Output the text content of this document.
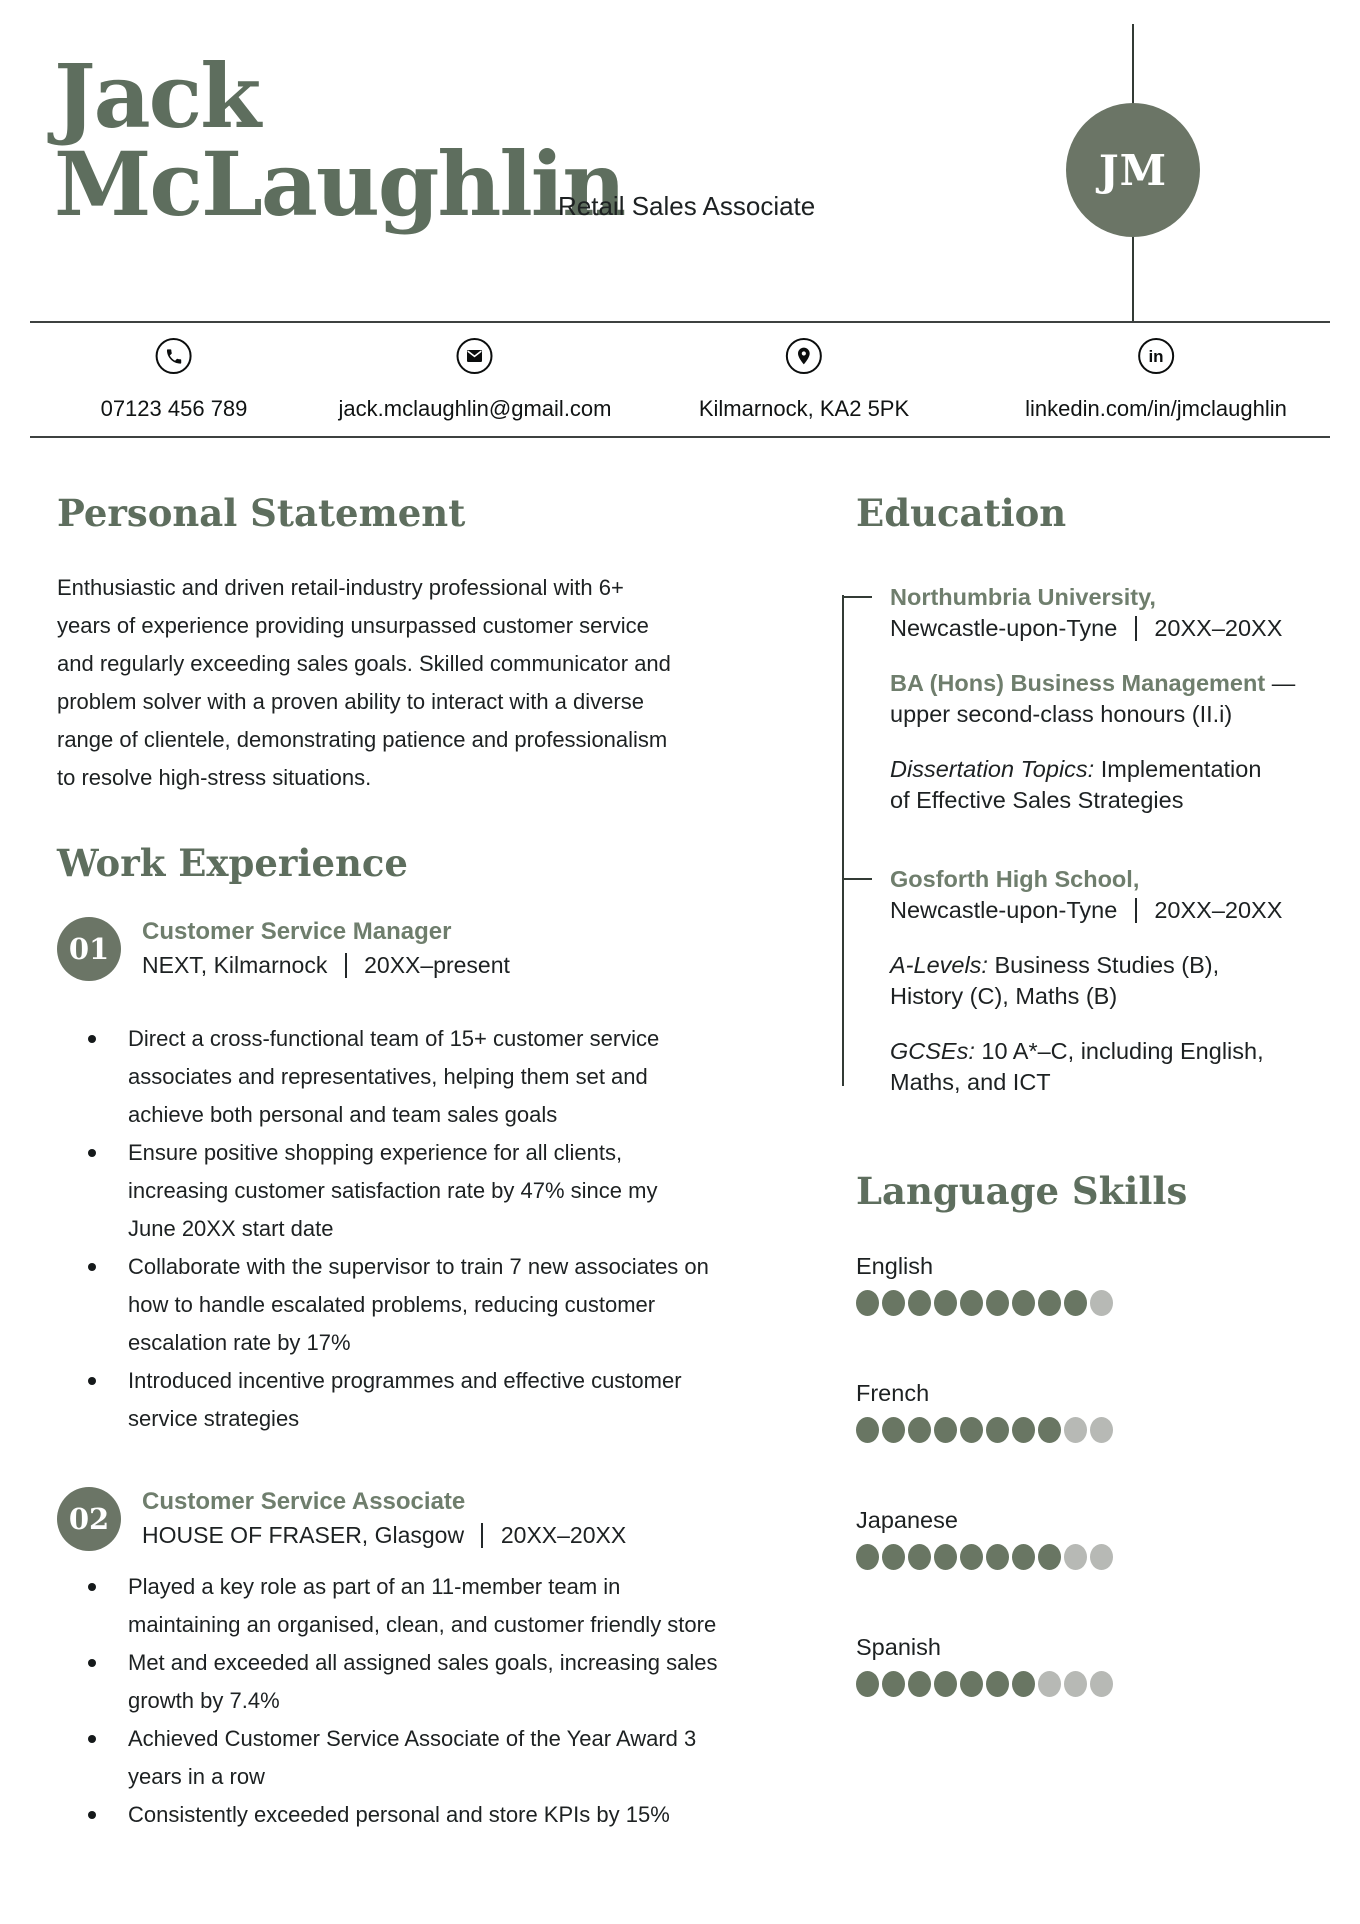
Jack
McLaughlin
Retail Sales Associate
JM
07123 456 789	jack.mclaughlin@gmail.com	Kilmarnock, KA2 5PK
in
linkedin.com/in/jmclaughlin
Personal Statement

Enthusiastic and driven retail-industry professional with 6+
years of experience providing unsurpassed customer service
and regularly exceeding sales goals. Skilled communicator and
problem solver with a proven ability to interact with a diverse
range of clientele, demonstrating patience and professionalism
to resolve high-stress situations.

Work Experience
01
Customer Service Manager
NEXT, Kilmarnock  20XX–present
Direct a cross-functional team of 15+ customer service
associates and representatives, helping them set and
achieve both personal and team sales goals
Ensure positive shopping experience for all clients,
increasing customer satisfaction rate by 47% since my
June 20XX start date
Collaborate with the supervisor to train 7 new associates on
how to handle escalated problems, reducing customer
escalation rate by 17%
Introduced incentive programmes and effective customer
service strategies
02
Customer Service Associate
HOUSE OF FRASER, Glasgow  20XX–20XX
Played a key role as part of an 11-member team in
maintaining an organised, clean, and customer friendly store
Met and exceeded all assigned sales goals, increasing sales
growth by 7.4%
Achieved Customer Service Associate of the Year Award 3
years in a row
Consistently exceeded personal and store KPIs by 15%
Education

Northumbria University,
Newcastle-upon-Tyne  20XX–20XX

BA (Hons) Business Management —
upper second-class honours (II.i)

Dissertation Topics: Implementation
of Effective Sales Strategies

Gosforth High School,
Newcastle-upon-Tyne  20XX–20XX

A-Levels: Business Studies (B),
History (C), Maths (B)

GCSEs: 10 A*–C, including English,
Maths, and ICT

Language Skills
English
French
Japanese
Spanish
